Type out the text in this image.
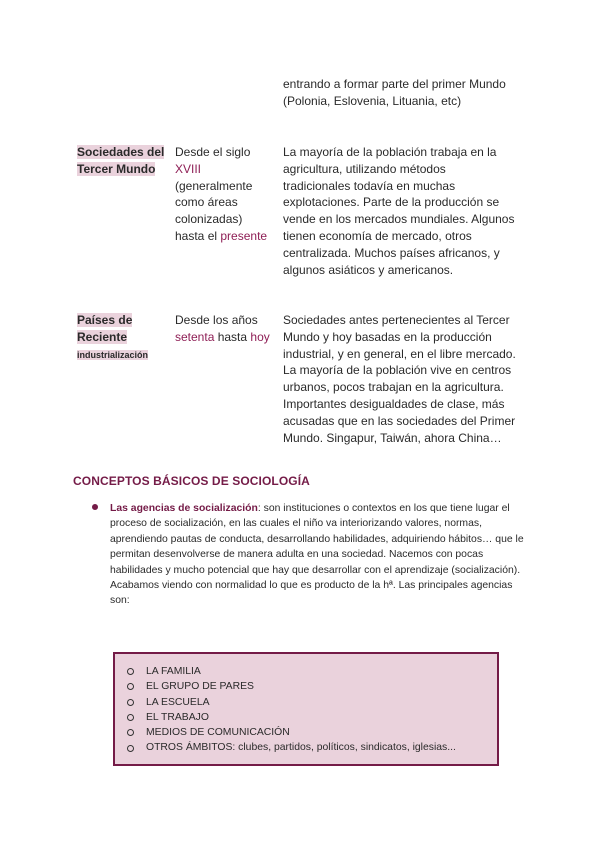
entrando a formar parte del primer Mundo
(Polonia, Eslovenia, Lituania, etc)
Sociedades del
Tercer Mundo
Desde el siglo
XVIII
(generalmente
como áreas
colonizadas)
hasta el presente
La mayoría de la población trabaja en la
agricultura, utilizando métodos
tradicionales todavía en muchas
explotaciones. Parte de la producción se
vende en los mercados mundiales. Algunos
tienen economía de mercado, otros
centralizada. Muchos países africanos, y
algunos asiáticos y americanos.
Países de
Reciente
industrialización
Desde los años
setenta hasta hoy
Sociedades antes pertenecientes al Tercer
Mundo y hoy basadas en la producción
industrial, y en general, en el libre mercado.
La mayoría de la población vive en centros
urbanos, pocos trabajan en la agricultura.
Importantes desigualdades de clase, más
acusadas que en las sociedades del Primer
Mundo. Singapur, Taiwán, ahora China…
CONCEPTOS BÁSICOS DE SOCIOLOGÍA
Las agencias de socialización: son instituciones o contextos en los que tiene lugar el proceso de socialización, en las cuales el niño va interiorizando valores, normas, aprendiendo pautas de conducta, desarrollando habilidades, adquiriendo hábitos… que le permitan desenvolverse de manera adulta en una sociedad. Nacemos con pocas habilidades y mucho potencial que hay que desarrollar con el aprendizaje (socialización). Acabamos viendo con normalidad lo que es producto de la hª. Las principales agencias son:
LA FAMILIA
EL GRUPO DE PARES
LA ESCUELA
EL TRABAJO
MEDIOS DE COMUNICACIÓN
OTROS ÁMBITOS: clubes, partidos, políticos, sindicatos, iglesias...
